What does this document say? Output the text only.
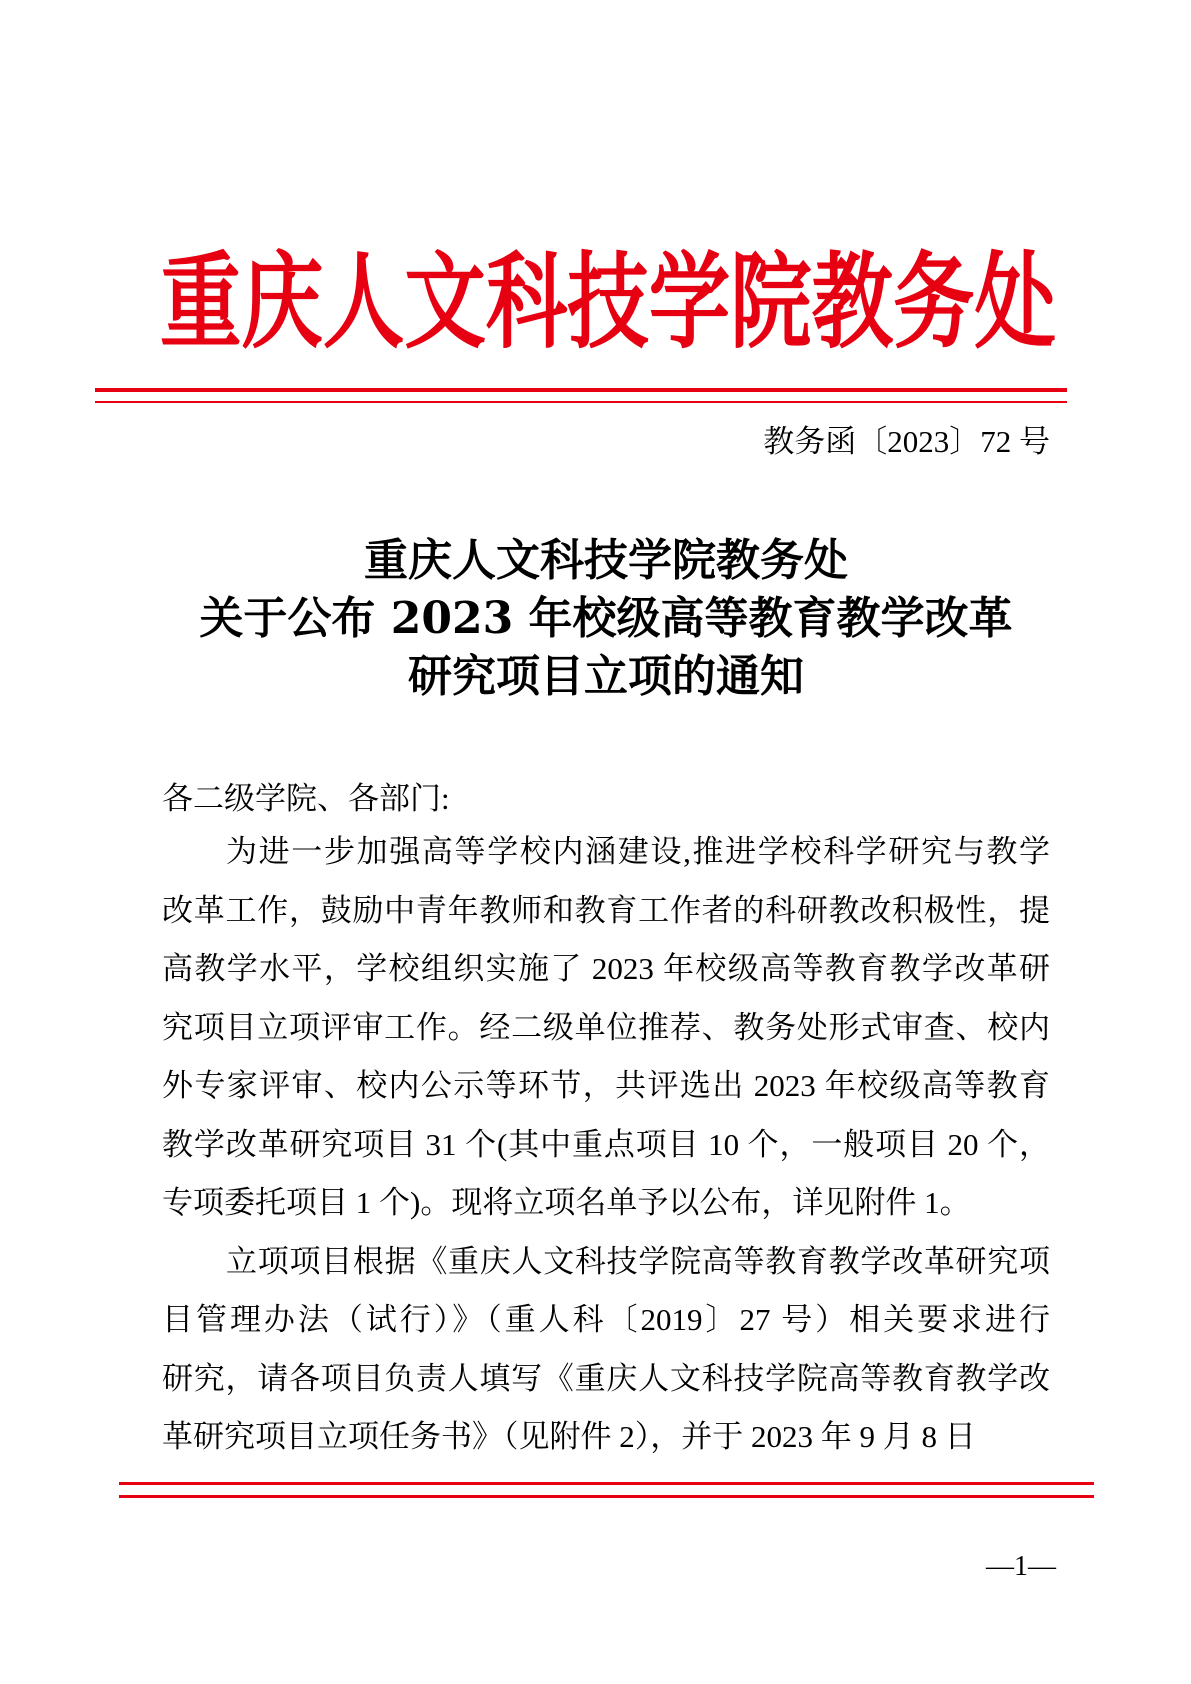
重庆人文科技学院教务处
教务函〔2023〕72 号
重庆人文科技学院教务处
关于公布 2023 年校级高等教育教学改革
研究项目立项的通知
各二级学院、各部门:
为进一步加强高等学校内涵建设,推进学校科学研究与教学
改革工作，鼓励中青年教师和教育工作者的科研教改积极性，提
高教学水平，学校组织实施了 2023 年校级高等教育教学改革研
究项目立项评审工作。经二级单位推荐、教务处形式审查、校内
外专家评审、校内公示等环节，共评选出 2023 年校级高等教育
教学改革研究项目 31 个(其中重点项目 10 个，一般项目 20 个，
专项委托项目 1 个)。现将立项名单予以公布，详见附件 1。
立项项目根据《重庆人文科技学院高等教育教学改革研究项
目管理办法（试行）》（重人科〔2019〕27 号）相关要求进行
研究，请各项目负责人填写《重庆人文科技学院高等教育教学改
革研究项目立项任务书》（见附件 2），并于 2023 年 9 月 8 日
—1—
